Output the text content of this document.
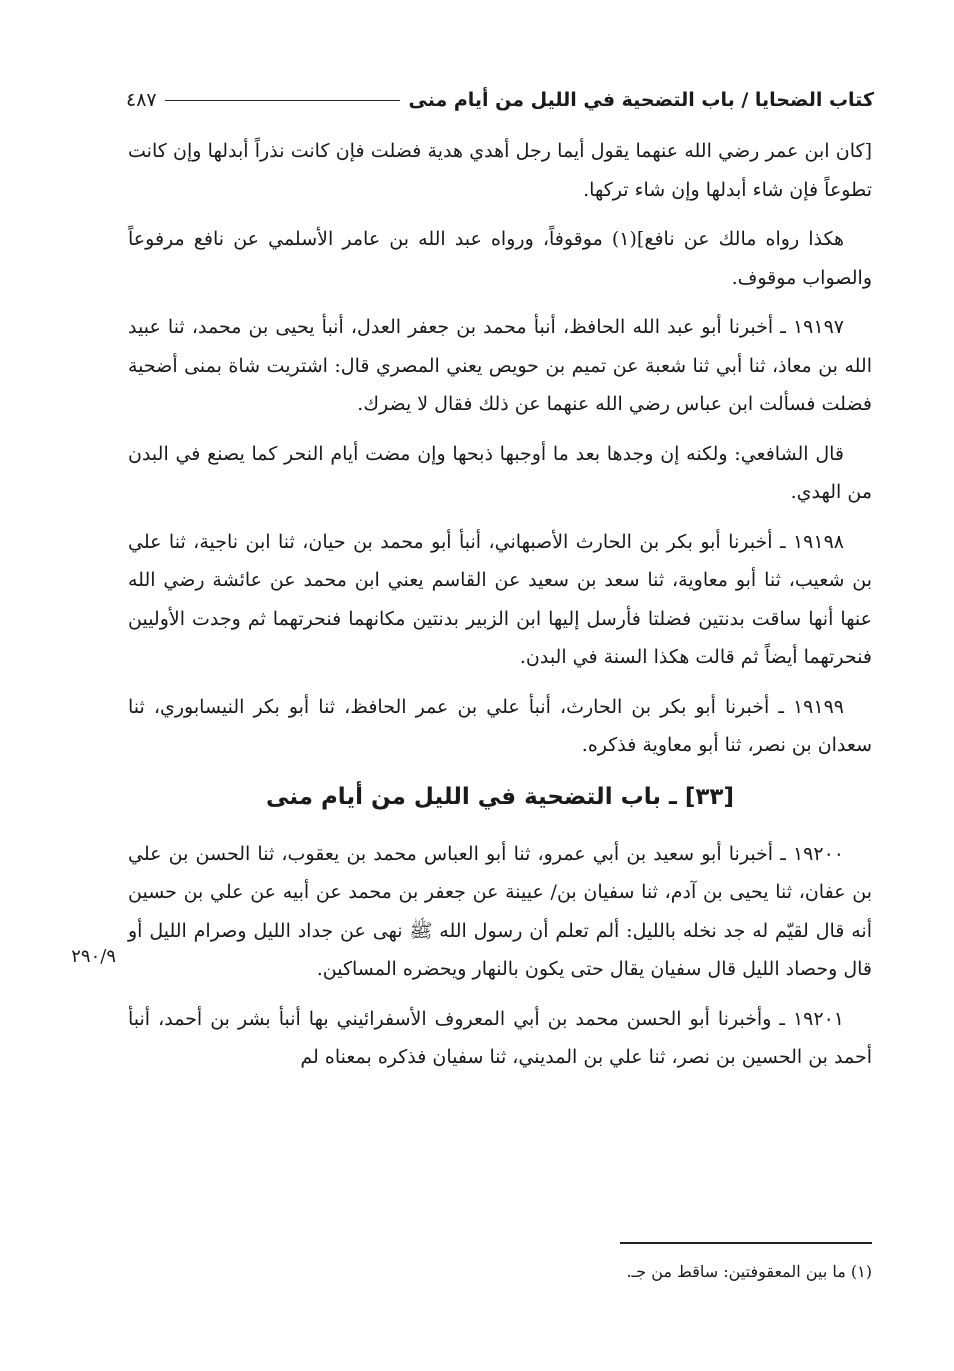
كتاب الضحايا / باب التضحية في الليل من أيام منى
٤٨٧

[كان ابن عمر رضي الله عنهما يقول أيما رجل أهدي هدية فضلت فإن كانت نذراً أبدلها وإن كانت تطوعاً فإن شاء أبدلها وإن شاء تركها.

هكذا رواه مالك عن نافع](١) موقوفاً، ورواه عبد الله بن عامر الأسلمي عن نافع مرفوعاً والصواب موقوف.

١٩١٩٧ ـ أخبرنا أبو عبد الله الحافظ، أنبأ محمد بن جعفر العدل، أنبأ يحيى بن محمد، ثنا عبيد الله بن معاذ، ثنا أبي ثنا شعبة عن تميم بن حويص يعني المصري قال: اشتريت شاة بمنى أضحية فضلت فسألت ابن عباس رضي الله عنهما عن ذلك فقال لا يضرك.

قال الشافعي: ولكنه إن وجدها بعد ما أوجبها ذبحها وإن مضت أيام النحر كما يصنع في البدن من الهدي.

١٩١٩٨ ـ أخبرنا أبو بكر بن الحارث الأصبهاني، أنبأ أبو محمد بن حيان، ثنا ابن ناجية، ثنا علي بن شعيب، ثنا أبو معاوية، ثنا سعد بن سعيد عن القاسم يعني ابن محمد عن عائشة رضي الله عنها أنها ساقت بدنتين فضلتا فأرسل إليها ابن الزبير بدنتين مكانهما فنحرتهما ثم وجدت الأوليين فنحرتهما أيضاً ثم قالت هكذا السنة في البدن.

١٩١٩٩ ـ أخبرنا أبو بكر بن الحارث، أنبأ علي بن عمر الحافظ، ثنا أبو بكر النيسابوري، ثنا سعدان بن نصر، ثنا أبو معاوية فذكره.

[٣٣] ـ باب التضحية في الليل من أيام منى

١٩٢٠٠ ـ أخبرنا أبو سعيد بن أبي عمرو، ثنا أبو العباس محمد بن يعقوب، ثنا الحسن بن علي بن عفان، ثنا يحيى بن آدم، ثنا سفيان بن/ عيينة عن جعفر بن محمد عن أبيه عن علي بن حسين أنه قال لقيّم له جد نخله بالليل: ألم تعلم أن رسول الله ﷺ نهى عن جداد الليل وصرام الليل أو قال وحصاد الليل قال سفيان يقال حتى يكون بالنهار ويحضره المساكين.

١٩٢٠١ ـ وأخبرنا أبو الحسن محمد بن أبي المعروف الأسفرائيني بها أنبأ بشر بن أحمد، أنبأ أحمد بن الحسين بن نصر، ثنا علي بن المديني، ثنا سفيان فذكره بمعناه لم

٢٩٠/٩
(١) ما بين المعقوفتين: ساقط من جـ.
